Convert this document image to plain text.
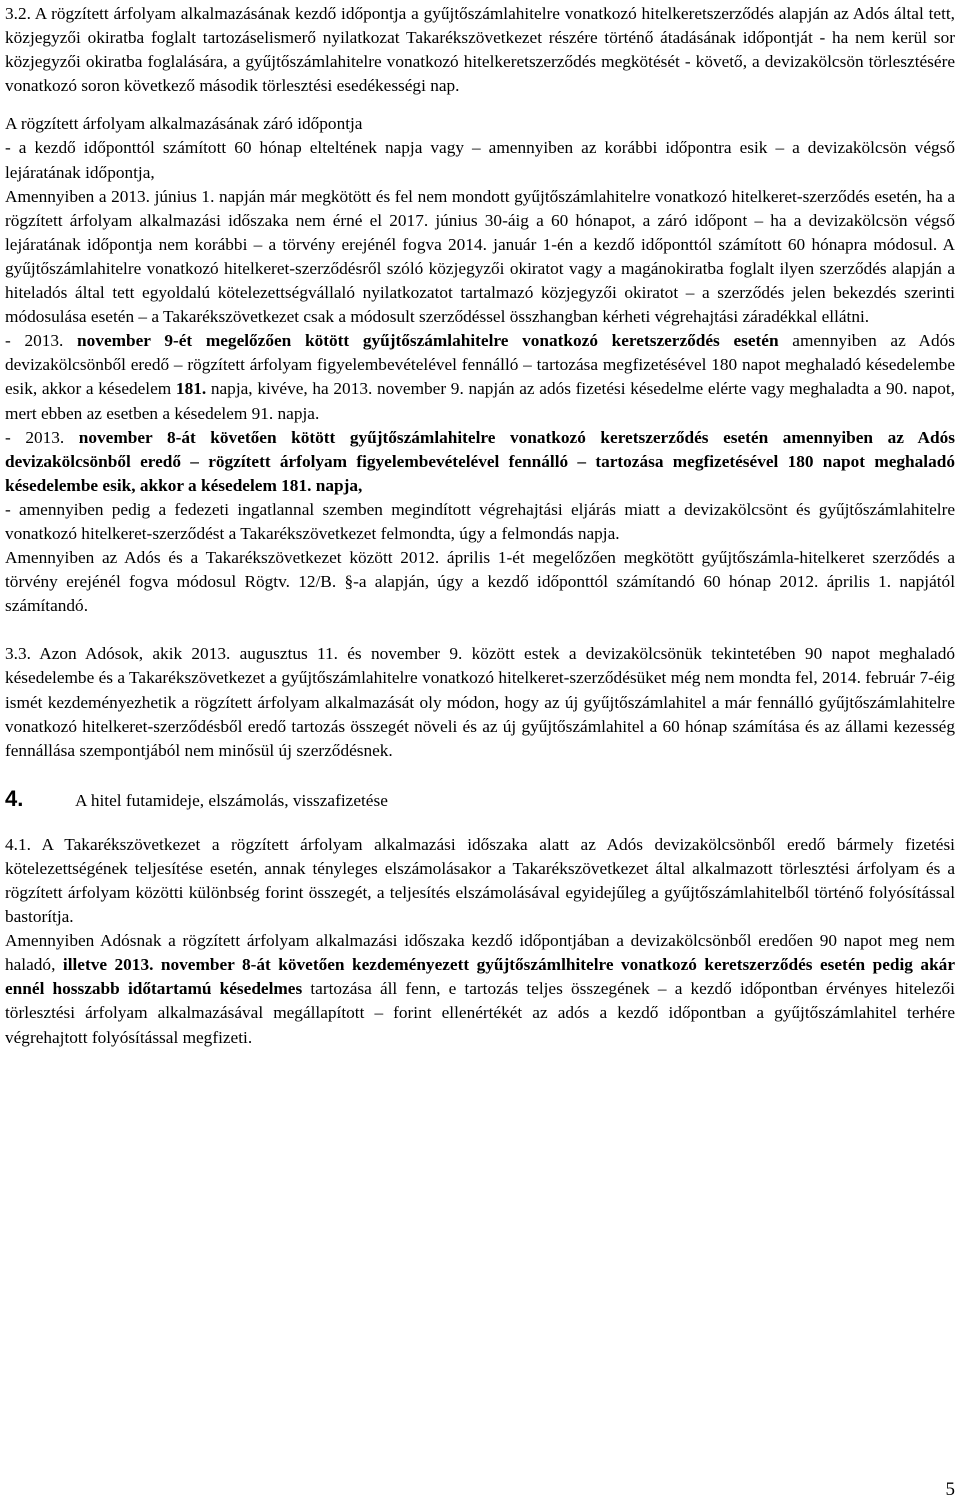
3.2. A rögzített árfolyam alkalmazásának kezdő időpontja a gyűjtőszámlahitelre vonatkozó hitelkeretszerződés alapján az Adós által tett, közjegyzői okiratba foglalt tartozáselismerő nyilatkozat Takarékszövetkezet részére történő átadásának időpontját - ha nem kerül sor közjegyzői okiratba foglalására, a gyűjtőszámlahitelre vonatkozó hitelkeretszerződés megkötését - követő, a devizakölcsön törlesztésére vonatkozó soron következő második törlesztési esedékességi nap.

A rögzített árfolyam alkalmazásának záró időpontja

- a kezdő időponttól számított 60 hónap elteltének napja vagy – amennyiben az korábbi időpontra esik – a devizakölcsön végső lejáratának időpontja,

Amennyiben a 2013. június 1. napján már megkötött és fel nem mondott gyűjtőszámlahitelre vonatkozó hitelkeret-szerződés esetén, ha a rögzített árfolyam alkalmazási időszaka nem érné el 2017. június 30-áig a 60 hónapot, a záró időpont – ha a devizakölcsön végső lejáratának időpontja nem korábbi – a törvény erejénél fogva 2014. január 1-én a kezdő időponttól számított 60 hónapra módosul. A gyűjtőszámlahitelre vonatkozó hitelkeret-szerződésről szóló közjegyzői okiratot vagy a magánokiratba foglalt ilyen szerződés alapján a hiteladós által tett egyoldalú kötelezettségvállaló nyilatkozatot tartalmazó közjegyzői okiratot – a szerződés jelen bekezdés szerinti módosulása esetén – a Takarékszövetkezet csak a módosult szerződéssel összhangban kérheti végrehajtási záradékkal ellátni.

- 2013. november 9-ét megelőzően kötött gyűjtőszámlahitelre vonatkozó keretszerződés esetén amennyiben az Adós devizakölcsönből eredő – rögzített árfolyam figyelembevételével fennálló – tartozása megfizetésével 180 napot meghaladó késedelembe esik, akkor a késedelem 181. napja, kivéve, ha 2013. november 9. napján az adós fizetési késedelme elérte vagy meghaladta a 90. napot, mert ebben az esetben a késedelem 91. napja.

- 2013. november 8-át követően kötött gyűjtőszámlahitelre vonatkozó keretszerződés esetén amennyiben az Adós devizakölcsönből eredő – rögzített árfolyam figyelembevételével fennálló – tartozása megfizetésével 180 napot meghaladó késedelembe esik, akkor a késedelem 181. napja,

- amennyiben pedig a fedezeti ingatlannal szemben megindított végrehajtási eljárás miatt a devizakölcsönt és gyűjtőszámlahitelre vonatkozó hitelkeret-szerződést a Takarékszövetkezet felmondta, úgy a felmondás napja.

Amennyiben az Adós és a Takarékszövetkezet között 2012. április 1-ét megelőzően megkötött gyűjtőszámla-hitelkeret szerződés a törvény erejénél fogva módosul Rögtv. 12/B. §-a alapján, úgy a kezdő időponttól számítandó 60 hónap 2012. április 1. napjától számítandó.

3.3. Azon Adósok, akik 2013. augusztus 11. és november 9. között estek a devizakölcsönük tekintetében 90 napot meghaladó késedelembe és a Takarékszövetkezet a gyűjtőszámlahitelre vonatkozó hitelkeret-szerződésüket még nem mondta fel, 2014. február 7-éig ismét kezdeményezhetik a rögzített árfolyam alkalmazását oly módon, hogy az új gyűjtőszámlahitel a már fennálló gyűjtőszámlahitelre vonatkozó hitelkeret-szerződésből eredő tartozás összegét növeli és az új gyűjtőszámlahitel a 60 hónap számítása és az állami kezesség fennállása szempontjából nem minősül új szerződésnek.

4.	A hitel futamideje, elszámolás, visszafizetése

4.1. A Takarékszövetkezet a rögzített árfolyam alkalmazási időszaka alatt az Adós devizakölcsönből eredő bármely fizetési kötelezettségének teljesítése esetén, annak tényleges elszámolásakor a Takarékszövetkezet által alkalmazott törlesztési árfolyam és a rögzített árfolyam közötti különbség forint összegét, a teljesítés elszámolásával egyidejűleg a gyűjtőszámlahitelből történő folyósítással bastorítja.

Amennyiben Adósnak a rögzített árfolyam alkalmazási időszaka kezdő időpontjában a devizakölcsönből eredően 90 napot meg nem haladó, illetve 2013. november 8-át követően kezdeményezett gyűjtőszámlhitelre vonatkozó keretszerződés esetén pedig akár ennél hosszabb időtartamú késedelmes tartozása áll fenn, e tartozás teljes összegének – a kezdő időpontban érvényes hitelezői törlesztési árfolyam alkalmazásával megállapított – forint ellenértékét az adós a kezdő időpontban a gyűjtőszámlahitel terhére végrehajtott folyósítással megfizeti.

5
